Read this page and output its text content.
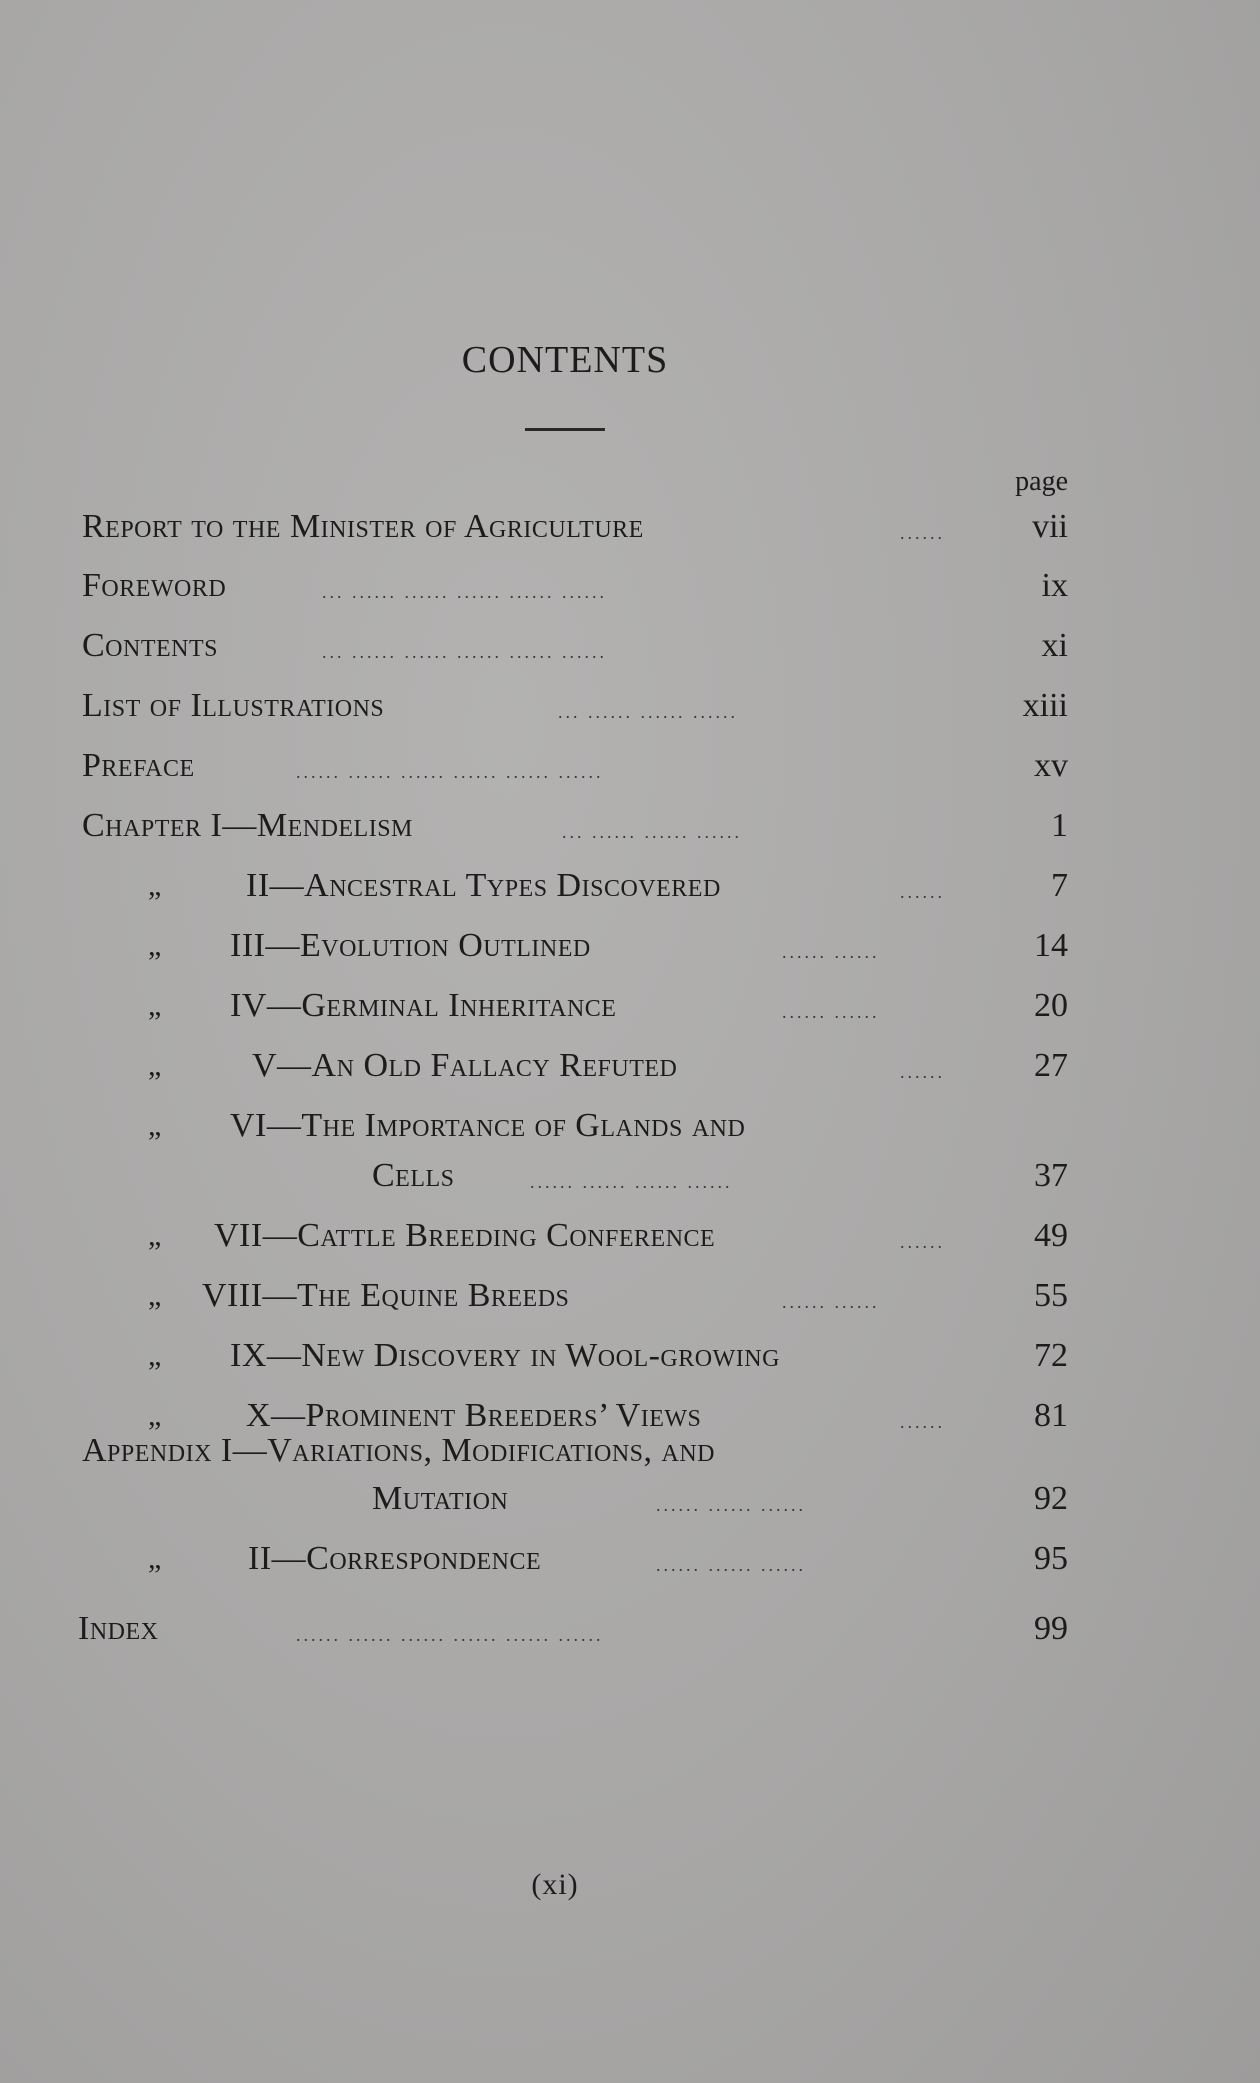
CONTENTS
page
Report to the Minister of Agriculture	......	vii
Foreword	... ...... ...... ...... ...... ......	ix
Contents	... ...... ...... ...... ...... ......	xi
List of Illustrations	... ...... ...... ......	xiii
Preface	...... ...... ...... ...... ...... ......	xv
Chapter I—Mendelism	... ...... ...... ......	1
„ II—Ancestral Types Discovered	......	7
„ III—Evolution Outlined	...... ......	14
„ IV—Germinal Inheritance	...... ......	20
„	V—An Old Fallacy Refuted	......	27
„ VI—The Importance of Glands and
Cells	...... ...... ...... ......	37
„ VII—Cattle Breeding Conference	......	49
„ VIII—The Equine Breeds	...... ......	55
„ IX—New Discovery in Wool-growing	72
„ X—Prominent Breeders’ Views	......	81
Appendix I—Variations, Modifications, and
Mutation	...... ...... ......	92
„	II—Correspondence	...... ...... ......	95
Index	...... ...... ...... ...... ...... ......	99
(xi)
